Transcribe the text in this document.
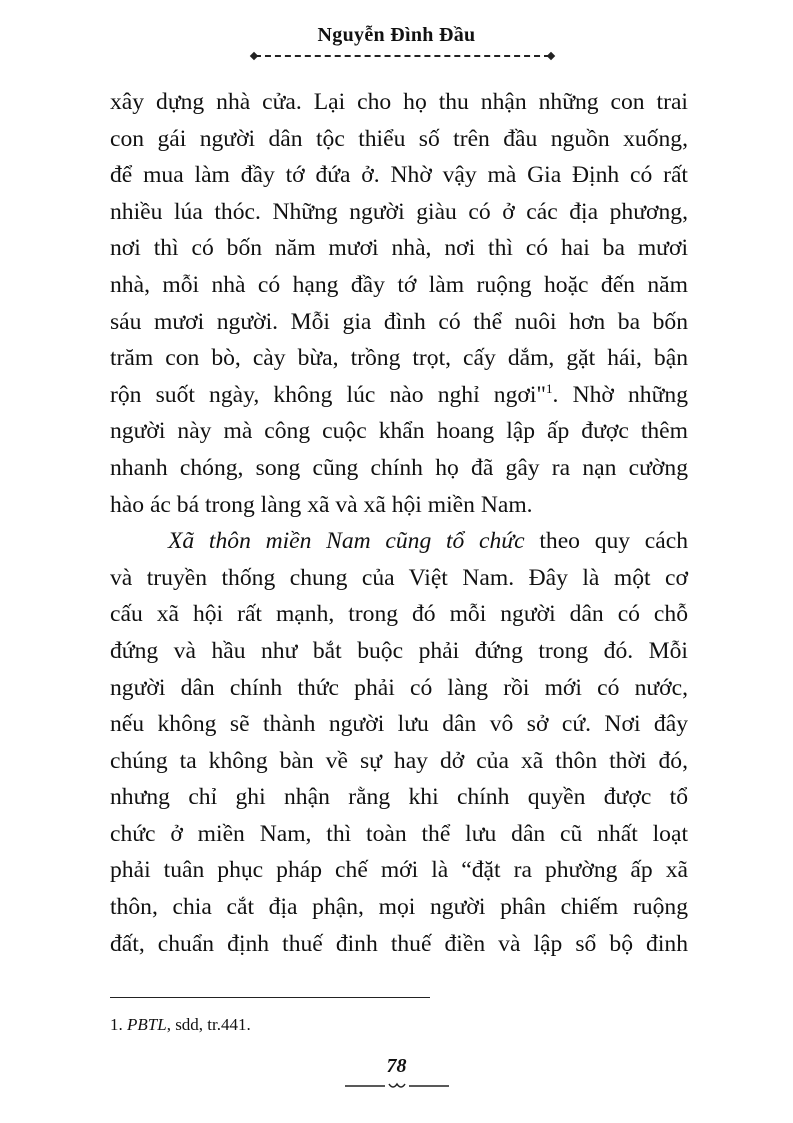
Nguyễn Đình Đầu
xây dựng nhà cửa. Lại cho họ thu nhận những con trai
con gái người dân tộc thiểu số trên đầu nguồn xuống,
để mua làm đầy tớ đứa ở. Nhờ vậy mà Gia Định có rất
nhiều lúa thóc. Những người giàu có ở các địa phương,
nơi thì có bốn năm mươi nhà, nơi thì có hai ba mươi
nhà, mỗi nhà có hạng đầy tớ làm ruộng hoặc đến năm
sáu mươi người. Mỗi gia đình có thể nuôi hơn ba bốn
trăm con bò, cày bừa, trồng trọt, cấy dắm, gặt hái, bận
rộn suốt ngày, không lúc nào nghỉ ngơi"$^1$. Nhờ những
người này mà công cuộc khẩn hoang lập ấp được thêm
nhanh chóng, song cũng chính họ đã gây ra nạn cường
hào ác bá trong làng xã và xã hội miền Nam.
Xã thôn miền Nam cũng tổ chức theo quy cách
và truyền thống chung của Việt Nam. Đây là một cơ
cấu xã hội rất mạnh, trong đó mỗi người dân có chỗ
đứng và hầu như bắt buộc phải đứng trong đó. Mỗi
người dân chính thức phải có làng rồi mới có nước,
nếu không sẽ thành người lưu dân vô sở cứ. Nơi đây
chúng ta không bàn về sự hay dở của xã thôn thời đó,
nhưng chỉ ghi nhận rằng khi chính quyền được tổ
chức ở miền Nam, thì toàn thể lưu dân cũ nhất loạt
phải tuân phục pháp chế mới là “đặt ra phường ấp xã
thôn, chia cắt địa phận, mọi người phân chiếm ruộng
đất, chuẩn định thuế đinh thuế điền và lập sổ bộ đinh
1. PBTL, sdd, tr.441.
78
